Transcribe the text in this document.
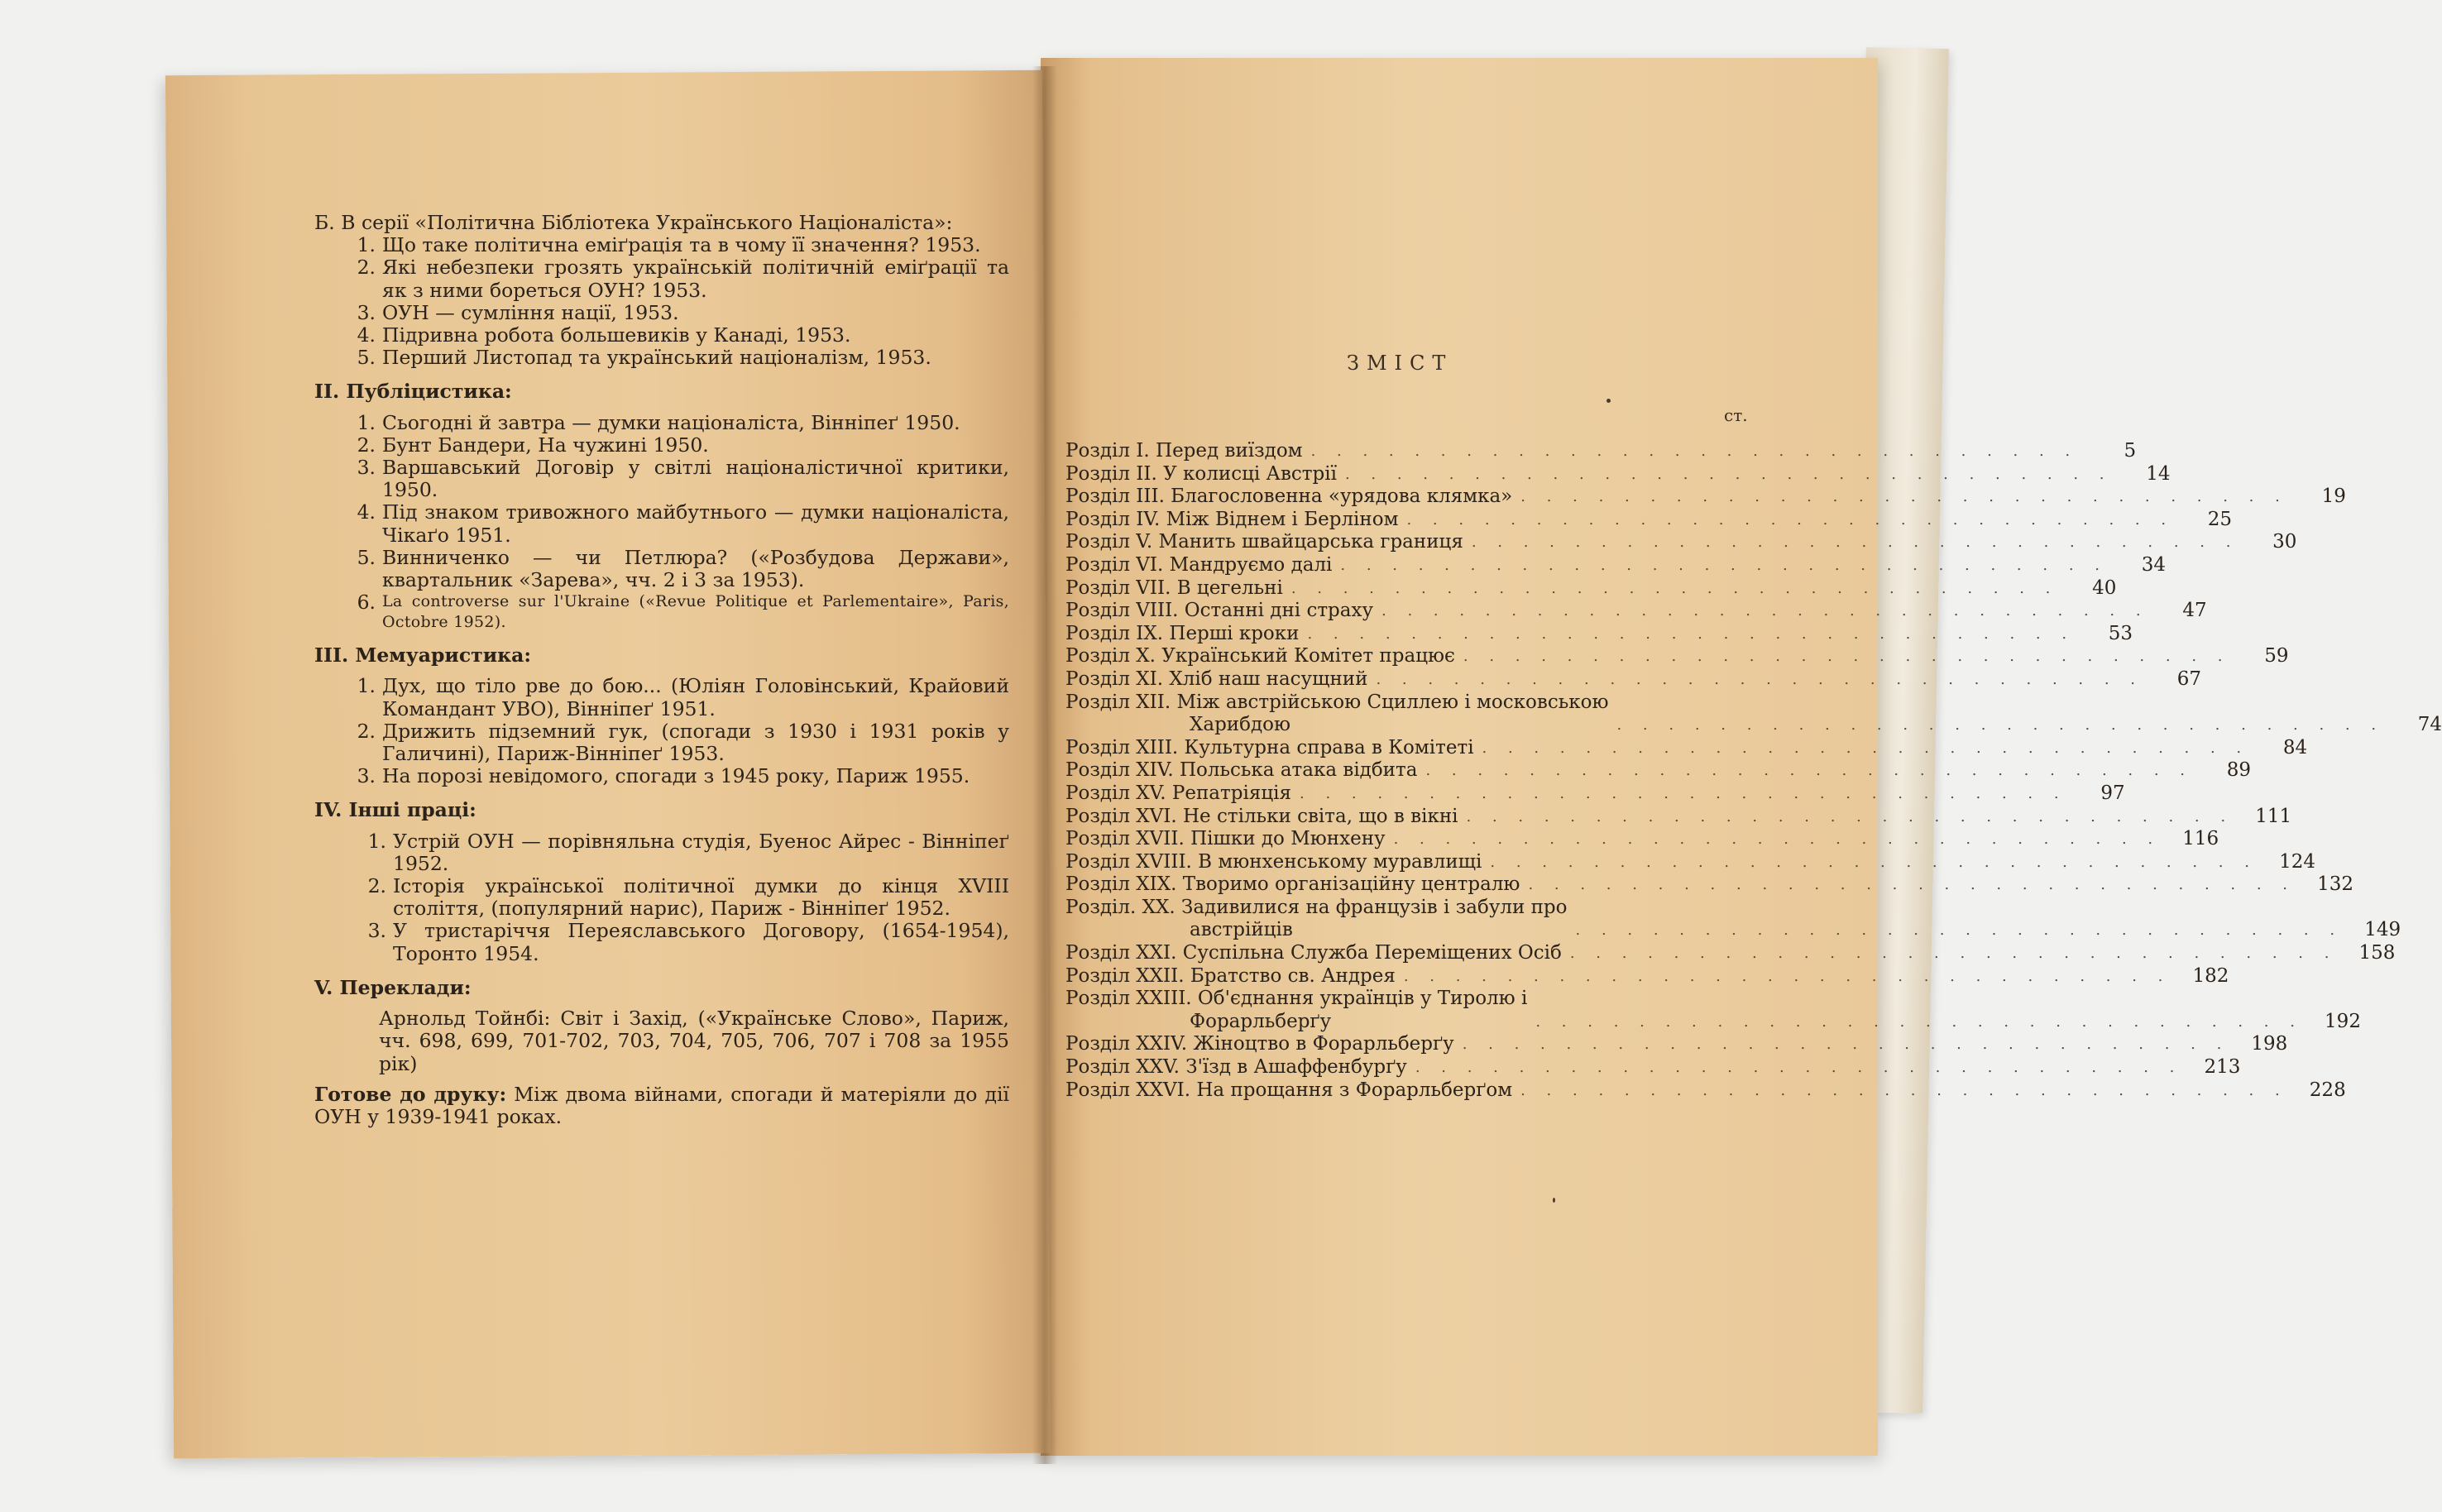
Б. В серії «Політична Бібліотека Українського Націоналіста»:

1. Що таке політична еміґрація та в чому її значення? 1953.
2. Які небезпеки грозять українській політичній еміґрації та як з ними бореться ОУН? 1953.
3. ОУН — сумління нації, 1953.
4. Підривна робота большевиків у Канаді, 1953.
5. Перший Листопад та український націоналізм, 1953.

II. Публіцистика:

1. Сьогодні й завтра — думки націоналіста, Вінніпеґ 1950.
2. Бунт Бандери, На чужині 1950.
3. Варшавський Договір у світлі націоналістичної критики, 1950.
4. Під знаком тривожного майбутнього — думки націоналіста, Чікаґо 1951.
5. Винниченко — чи Петлюра? («Розбудова Держави», квартальник «Зарева», чч. 2 і 3 за 1953).
6. La controverse sur l'Ukraine («Revue Politique et Parlementaire», Paris, Octobre 1952).

III. Мемуаристика:

1. Дух, що тіло рве до бою... (Юліян Головінський, Крайовий Командант УВО), Вінніпеґ 1951.
2. Дрижить підземний гук, (спогади з 1930 і 1931 років у Галичині), Париж-Вінніпеґ 1953.
3. На порозі невідомого, спогади з 1945 року, Париж 1955.

IV. Інші праці:

1. Устрій ОУН — порівняльна студія, Буенос Айрес - Вінніпеґ 1952.
2. Історія української політичної думки до кінця XVIII століття, (популярний нарис), Париж - Вінніпеґ 1952.
3. У тристаріччя Переяславського Договору, (1654-1954), Торонто 1954.

V. Переклади:

Арнольд Тойнбі: Світ і Захід, («Українське Слово», Париж, чч. 698, 699, 701-702, 703, 704, 705, 706, 707 і 708 за 1955 рік)

Готове до друку: Між двома війнами, спогади й матеріяли до дії ОУН у 1939-1941 роках.

ЗМІСТ
ст.
Розділ I. Перед виїздом . . . . . . . . . . . . . . . . . . . . . . . . . . . . . .	5
Розділ II. У колисці Австрії . . . . . . . . . . . . . . . . . . . . . . . . . . . . . .	14
Розділ III. Благословенна «урядова клямка» . . . . . . . . . . . . . . . . . . . . . . . . . . . . . .	19
Розділ IV. Між Віднем і Берліном . . . . . . . . . . . . . . . . . . . . . . . . . . . . . .	25
Розділ V. Манить швайцарська границя . . . . . . . . . . . . . . . . . . . . . . . . . . . . . .	30
Розділ VI. Мандруємо далі . . . . . . . . . . . . . . . . . . . . . . . . . . . . . .	34
Розділ VII. В цегельні . . . . . . . . . . . . . . . . . . . . . . . . . . . . . .	40
Розділ VIII. Останні дні страху . . . . . . . . . . . . . . . . . . . . . . . . . . . . . .	47
Розділ IX. Перші кроки . . . . . . . . . . . . . . . . . . . . . . . . . . . . . .	53
Розділ X. Український Комітет працює . . . . . . . . . . . . . . . . . . . . . . . . . . . . . .	59
Розділ XI. Хліб наш насущний . . . . . . . . . . . . . . . . . . . . . . . . . . . . . .	67
Розділ XII. Між австрійською Сциллею і московською
Харибдою	. . . . . . . . . . . . . . . . . . . . . . . . . . . . . .	74
Розділ XIII. Культурна справа в Комітеті . . . . . . . . . . . . . . . . . . . . . . . . . . . . . .	84
Розділ XIV. Польська атака відбита . . . . . . . . . . . . . . . . . . . . . . . . . . . . . .	89
Розділ XV. Репатріяція . . . . . . . . . . . . . . . . . . . . . . . . . . . . . .	97
Розділ XVI. Не стільки світа, що в вікні . . . . . . . . . . . . . . . . . . . . . . . . . . . . . .	111
Розділ XVII. Пішки до Мюнхену . . . . . . . . . . . . . . . . . . . . . . . . . . . . . .	116
Розділ XVIII. В мюнхенському муравлищі . . . . . . . . . . . . . . . . . . . . . . . . . . . . . .	124
Розділ XIX. Творимо організаційну централю . . . . . . . . . . . . . . . . . . . . . . . . . . . . . .	132
Розділ. XX. Задивилися на французів і забули про
австрійців	. . . . . . . . . . . . . . . . . . . . . . . . . . . . . .	149
Розділ XXI. Суспільна Служба Переміщених Осіб . . . . . . . . . . . . . . . . . . . . . . . . . . . . . .	158
Розділ XXII. Братство св. Андрея . . . . . . . . . . . . . . . . . . . . . . . . . . . . . .	182
Розділ XXIII. Об'єднання українців у Тиролю і
Форарльберґу	. . . . . . . . . . . . . . . . . . . . . . . . . . . . . .	192
Розділ XXIV. Жіноцтво в Форарльберґу . . . . . . . . . . . . . . . . . . . . . . . . . . . . . .	198
Розділ XXV. З'їзд в Ашаффенбурґу . . . . . . . . . . . . . . . . . . . . . . . . . . . . . .	213
Розділ XXVI. На прощання з Форарльберґом . . . . . . . . . . . . . . . . . . . . . . . . . . . . . .	228
